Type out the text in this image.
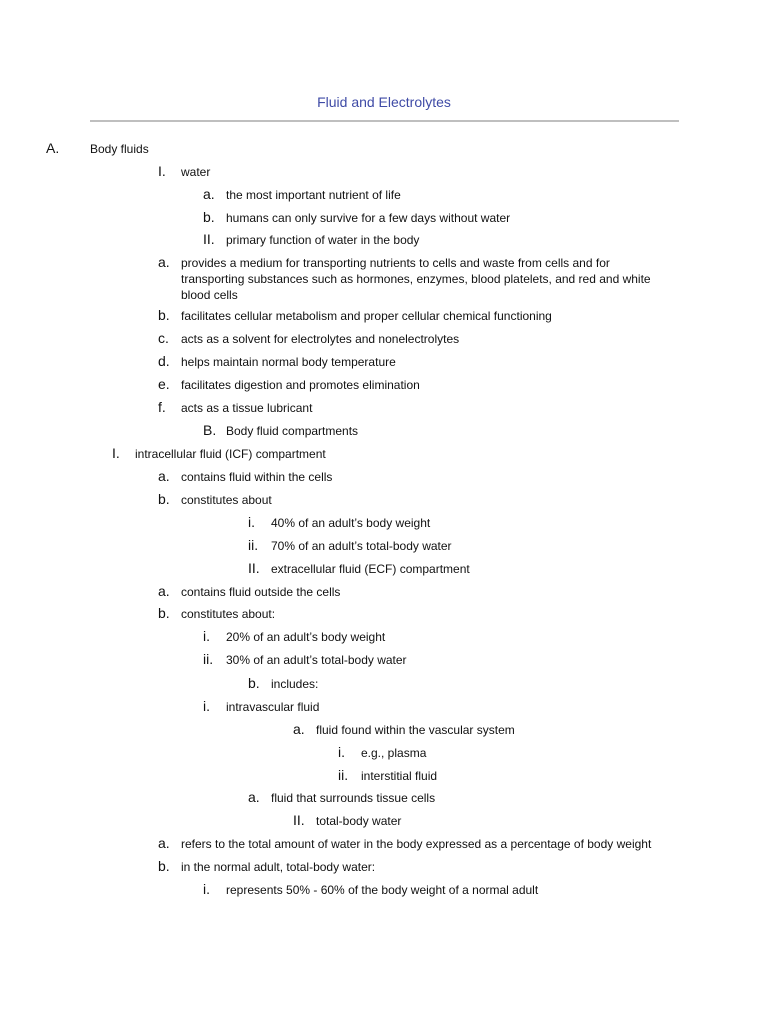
Fluid and Electrolytes
A.	Body fluids
I. water
a. the most important nutrient of life
b. humans can only survive for a few days without water
II. primary function of water in the body
a. provides a medium for transporting nutrients to cells and waste from cells and for transporting substances such as hormones, enzymes, blood platelets, and red and white blood cells
b. facilitates cellular metabolism and proper cellular chemical functioning
c. acts as a solvent for electrolytes and nonelectrolytes
d. helps maintain normal body temperature
e. facilitates digestion and promotes elimination
f. acts as a tissue lubricant
B. Body fluid compartments
I. intracellular fluid (ICF) compartment
a. contains fluid within the cells
b. constitutes about
i. 40% of an adult’s body weight
ii. 70% of an adult’s total-body water
II. extracellular fluid (ECF) compartment
a. contains fluid outside the cells
b. constitutes about:
i. 20% of an adult’s body weight
ii. 30% of an adult’s total-body water
b. includes:
i. intravascular fluid
a. fluid found within the vascular system
i. e.g., plasma
ii. interstitial fluid
a. fluid that surrounds tissue cells
II. total-body water
a. refers to the total amount of water in the body expressed as a percentage of body weight
b. in the normal adult, total-body water:
i. represents 50% - 60% of the body weight of a normal adult
